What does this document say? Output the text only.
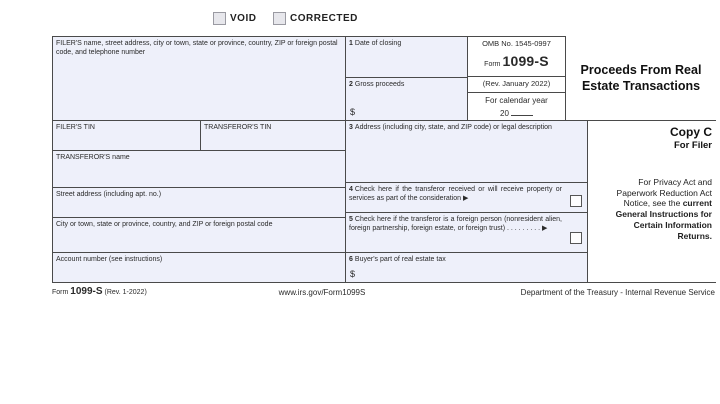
VOID	CORRECTED
FILER'S name, street address, city or town, state or province, country, ZIP or foreign postal code, and telephone number
FILER'S TIN	TRANSFEROR'S TIN
TRANSFEROR'S name
Street address (including apt. no.)
City or town, state or province, country, and ZIP or foreign postal code
Account number (see instructions)
1 Date of closing
2 Gross proceeds
$
OMB No. 1545-0997
Form 1099-S
(Rev. January 2022)
For calendar year
20
Proceeds From Real
Estate Transactions
3 Address (including city, state, and ZIP code) or legal description
4 Check here if the transferor received or will receive property or services as part of the consideration ▶
5 Check here if the transferor is a foreign person (nonresident alien, foreign partnership, foreign estate, or foreign trust) . . . . . . . . . ▶
6 Buyer's part of real estate tax
$
Copy C
For Filer
For Privacy Act and Paperwork Reduction Act Notice, see the current General Instructions for Certain Information Returns.
Form 1099-S (Rev. 1-2022)	www.irs.gov/Form1099S	Department of the Treasury - Internal Revenue Service
